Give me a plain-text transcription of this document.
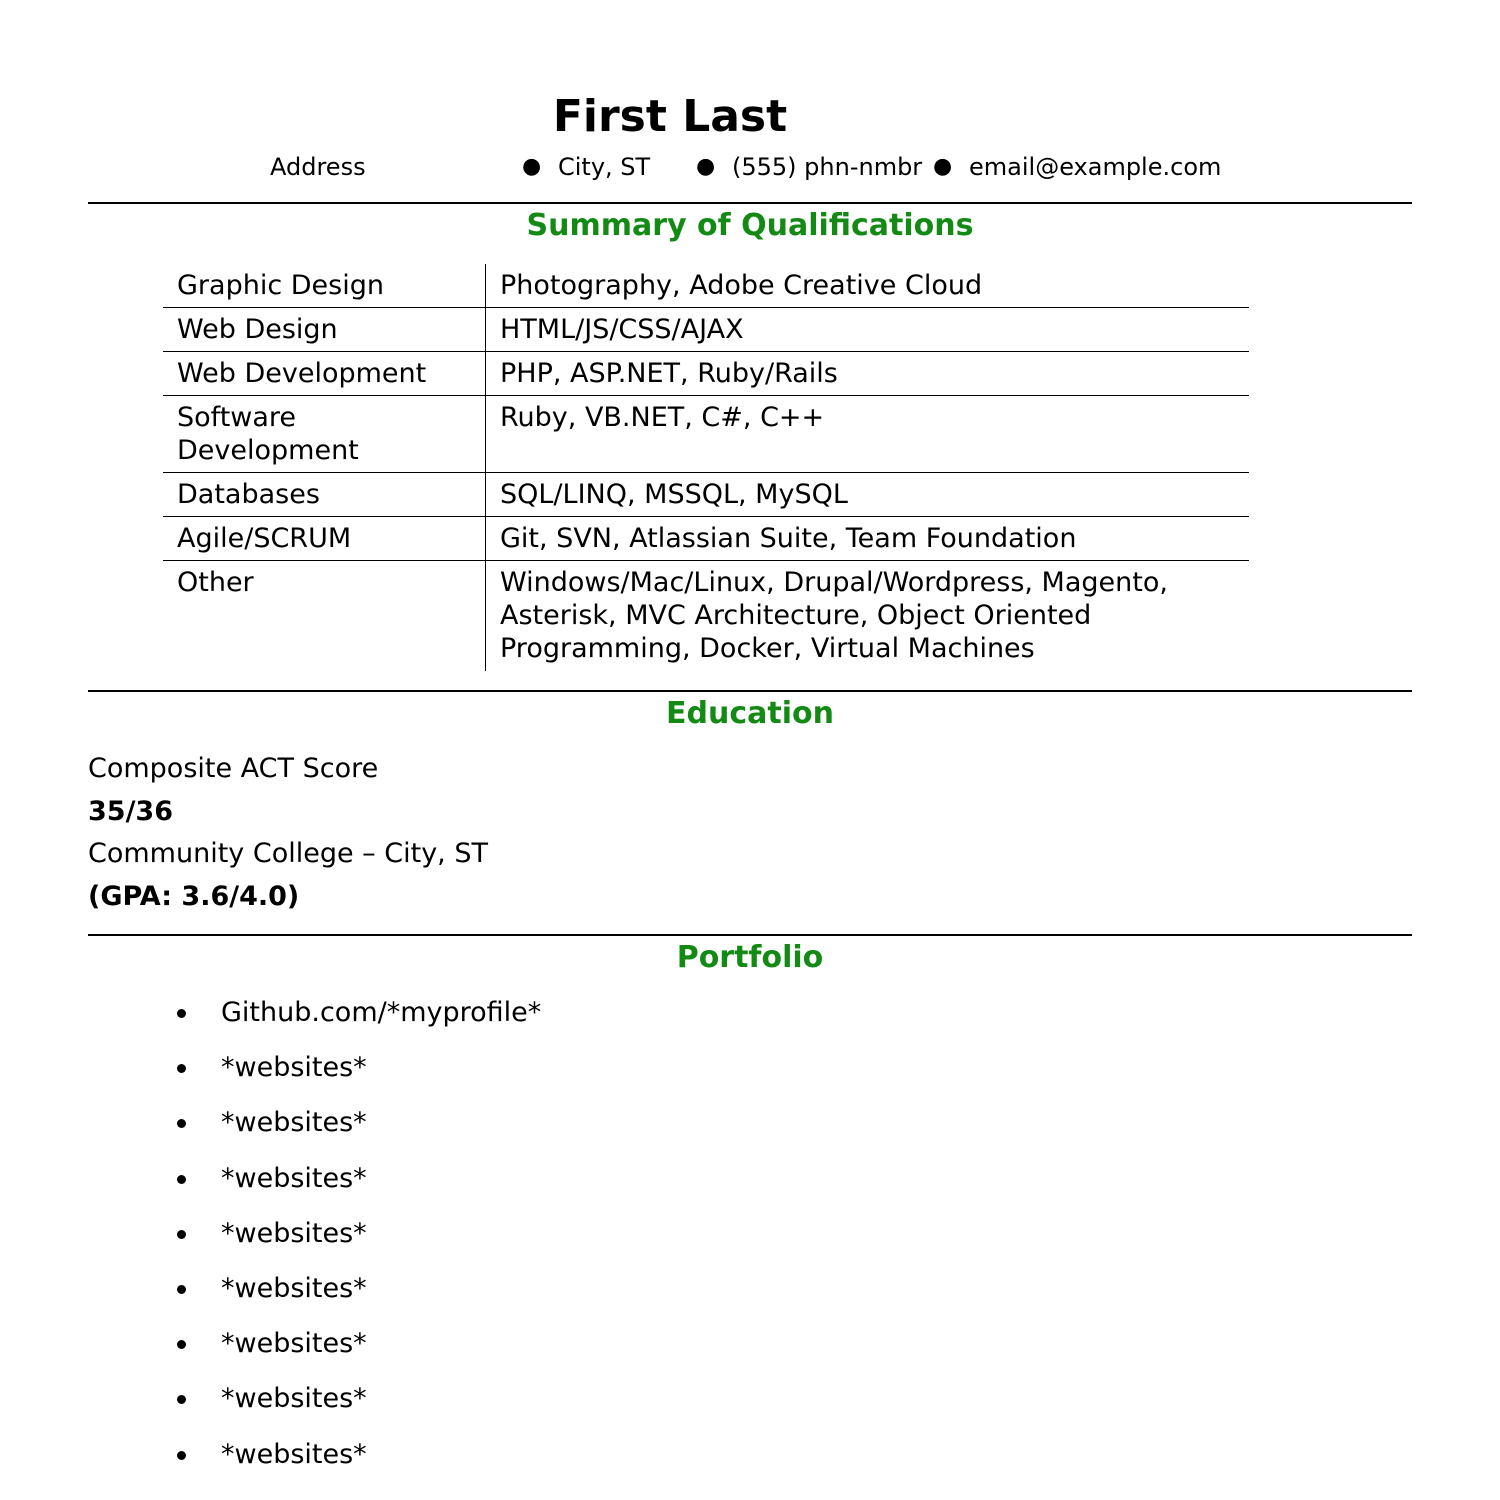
First Last
Address	● City, ST ● (555) phn-nmbr ● email@example.com
Summary of Qualifications
Graphic Design	Photography, Adobe Creative Cloud
Web Design	HTML/JS/CSS/AJAX
Web Development	PHP, ASP.NET, Ruby/Rails
Software Development	Ruby, VB.NET, C#, C++
Databases	SQL/LINQ, MSSQL, MySQL
Agile/SCRUM	Git, SVN, Atlassian Suite, Team Foundation
Other	Windows/Mac/Linux, Drupal/Wordpress, Magento, Asterisk, MVC Architecture, Object Oriented Programming, Docker, Virtual Machines
Education
Composite ACT Score
35/36
Community College – City, ST
(GPA: 3.6/4.0)
Portfolio
Github.com/*myprofile*
*websites*
*websites*
*websites*
*websites*
*websites*
*websites*
*websites*
*websites*
